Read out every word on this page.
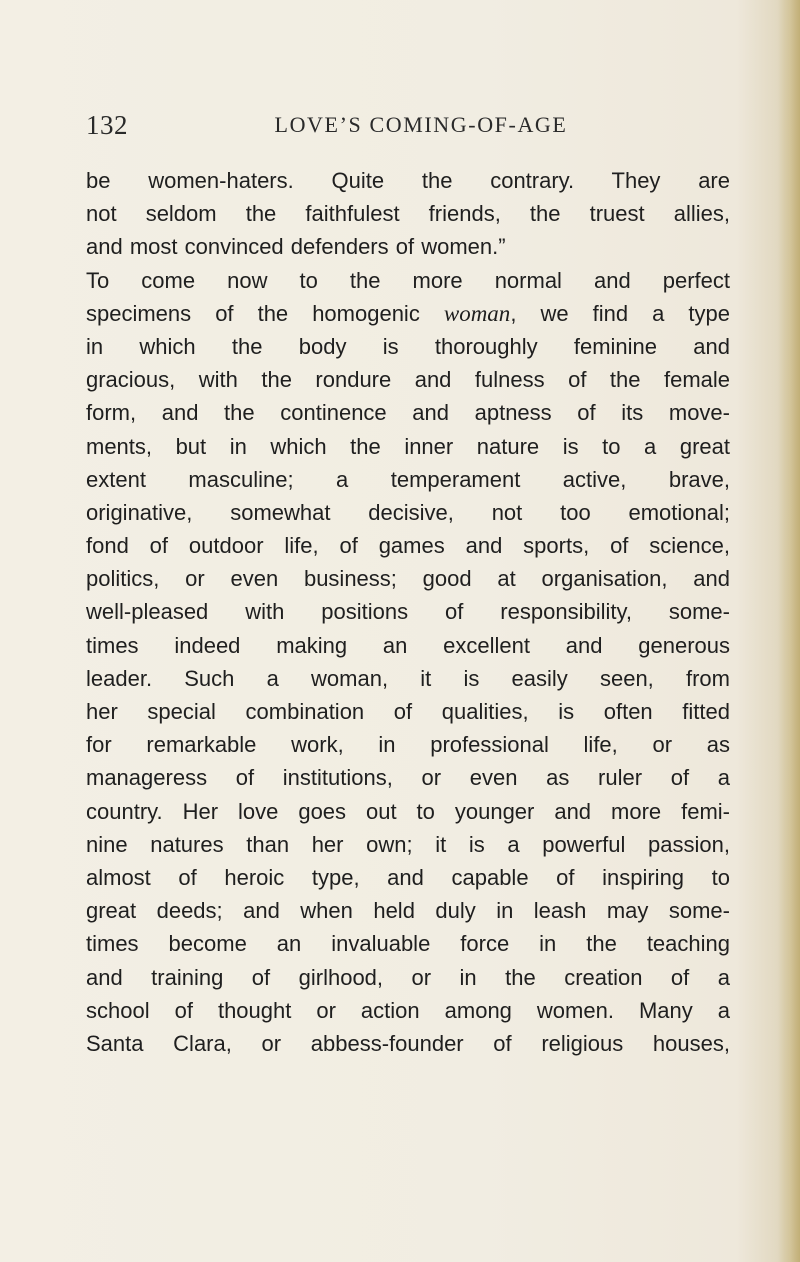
132	LOVE’S COMING-OF-AGE
be women-haters. Quite the contrary. They are
not seldom the faithfulest friends, the truest allies,
and most convinced defenders of women.”
To come now to the more normal and perfect
specimens of the homogenic woman, we find a type
in which the body is thoroughly feminine and
gracious, with the rondure and fulness of the female
form, and the continence and aptness of its move-
ments, but in which the inner nature is to a great
extent masculine; a temperament active, brave,
originative, somewhat decisive, not too emotional;
fond of outdoor life, of games and sports, of science,
politics, or even business; good at organisation, and
well-pleased with positions of responsibility, some-
times indeed making an excellent and generous
leader. Such a woman, it is easily seen, from
her special combination of qualities, is often fitted
for remarkable work, in professional life, or as
manageress of institutions, or even as ruler of a
country. Her love goes out to younger and more femi-
nine natures than her own; it is a powerful passion,
almost of heroic type, and capable of inspiring to
great deeds; and when held duly in leash may some-
times become an invaluable force in the teaching
and training of girlhood, or in the creation of a
school of thought or action among women. Many a
Santa Clara, or abbess-founder of religious houses,
